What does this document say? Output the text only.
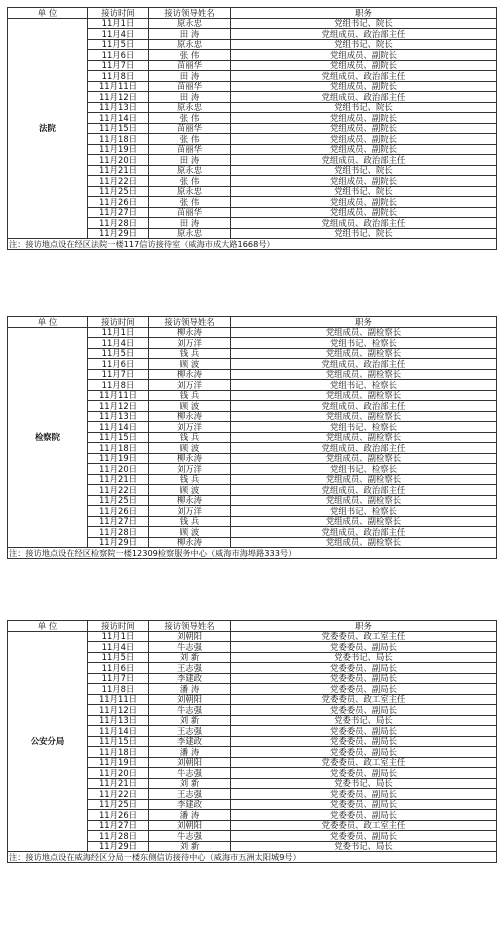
单 位	接访时间	接访领导姓名	职务
法院	11月1日	原永忠	党组书记、院长
	11月4日	田 涛	党组成员、政治部主任
	11月5日	原永忠	党组书记、院长
	11月6日	张 伟	党组成员、副院长
	11月7日	苗丽华	党组成员、副院长
	11月8日	田 涛	党组成员、政治部主任
	11月11日	苗丽华	党组成员、副院长
	11月12日	田 涛	党组成员、政治部主任
	11月13日	原永忠	党组书记、院长
	11月14日	张 伟	党组成员、副院长
	11月15日	苗丽华	党组成员、副院长
	11月18日	张 伟	党组成员、副院长
	11月19日	苗丽华	党组成员、副院长
	11月20日	田 涛	党组成员、政治部主任
	11月21日	原永忠	党组书记、院长
	11月22日	张 伟	党组成员、副院长
	11月25日	原永忠	党组书记、院长
	11月26日	张 伟	党组成员、副院长
	11月27日	苗丽华	党组成员、副院长
	11月28日	田 涛	党组成员、政治部主任
	11月29日	原永忠	党组书记、院长
注：接访地点设在经区法院一楼117信访接待室（威海市成大路1668号）			
单 位	接访时间	接访领导姓名	职务
检察院	11月1日	柳永涛	党组成员、副检察长
	11月4日	刘万洋	党组书记、检察长
	11月5日	钱 兵	党组成员、副检察长
	11月6日	顾 波	党组成员、政治部主任
	11月7日	柳永涛	党组成员、副检察长
	11月8日	刘万洋	党组书记、检察长
	11月11日	钱 兵	党组成员、副检察长
	11月12日	顾 波	党组成员、政治部主任
	11月13日	柳永涛	党组成员、副检察长
	11月14日	刘万洋	党组书记、检察长
	11月15日	钱 兵	党组成员、副检察长
	11月18日	顾 波	党组成员、政治部主任
	11月19日	柳永涛	党组成员、副检察长
	11月20日	刘万洋	党组书记、检察长
	11月21日	钱 兵	党组成员、副检察长
	11月22日	顾 波	党组成员、政治部主任
	11月25日	柳永涛	党组成员、副检察长
	11月26日	刘万洋	党组书记、检察长
	11月27日	钱 兵	党组成员、副检察长
	11月28日	顾 波	党组成员、政治部主任
	11月29日	柳永涛	党组成员、副检察长
注：接访地点设在经区检察院一楼12309检察服务中心（威海市海埠路333号）			
单 位	接访时间	接访领导姓名	职务
公安分局	11月1日	刘朝阳	党委委员、政工室主任
	11月4日	牛志强	党委委员、副局长
	11月5日	刘 新	党委书记、局长
	11月6日	王志强	党委委员、副局长
	11月7日	李建政	党委委员、副局长
	11月8日	潘 涛	党委委员、副局长
	11月11日	刘朝阳	党委委员、政工室主任
	11月12日	牛志强	党委委员、副局长
	11月13日	刘 新	党委书记、局长
	11月14日	王志强	党委委员、副局长
	11月15日	李建政	党委委员、副局长
	11月18日	潘 涛	党委委员、副局长
	11月19日	刘朝阳	党委委员、政工室主任
	11月20日	牛志强	党委委员、副局长
	11月21日	刘 新	党委书记、局长
	11月22日	王志强	党委委员、副局长
	11月25日	李建政	党委委员、副局长
	11月26日	潘 涛	党委委员、副局长
	11月27日	刘朝阳	党委委员、政工室主任
	11月28日	牛志强	党委委员、副局长
	11月29日	刘 新	党委书记、局长
注：接访地点设在威海经区分局一楼东侧信访接待中心（威海市五洲太阳城9号）			
